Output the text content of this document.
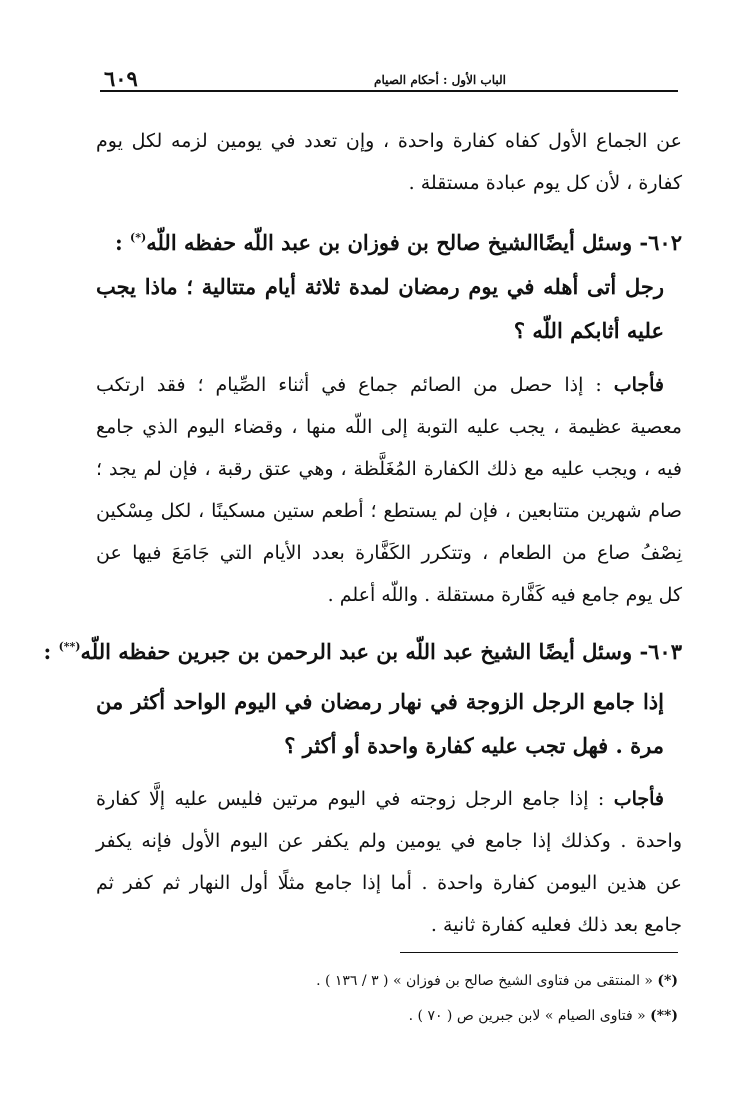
٦٠٩	الباب الأول : أحكام الصيام
عن الجماع الأول كفاه كفارة واحدة ، وإن تعدد في يومين لزمه لكل يوم
كفارة ، لأن كل يوم عبادة مستقلة .
٦٠٢- وسئل أيضًاالشيخ صالح بن فوزان بن عبد اللّه حفظه اللّه(*) :
رجل أتى أهله في يوم رمضان لمدة ثلاثة أيام متتالية ؛ ماذا يجب
عليه أثابكم اللّه ؟
فأجاب : إذا حصل من الصائم جماع في أثناء الصِّيام ؛ فقد ارتكب
معصية عظيمة ، يجب عليه التوبة إلى اللّه منها ، وقضاء اليوم الذي جامع
فيه ، ويجب عليه مع ذلك الكفارة المُغَلَّظة ، وهي عتق رقبة ، فإن لم يجد ؛
صام شهرين متتابعين ، فإن لم يستطع ؛ أطعم ستين مسكينًا ، لكل مِسْكين
نِصْفُ صاع من الطعام ، وتتكرر الكَفَّارة بعدد الأيام التي جَامَعَ فيها عن
كل يوم جامع فيه كَفَّارة مستقلة . واللّه أعلم .
٦٠٣- وسئل أيضًا الشيخ عبد اللّه بن عبد الرحمن بن جبرين حفظه اللّه(**) :
إذا جامع الرجل الزوجة في نهار رمضان في اليوم الواحد أكثر من
مرة . فهل تجب عليه كفارة واحدة أو أكثر ؟
فأجاب : إذا جامع الرجل زوجته في اليوم مرتين فليس عليه إلَّا كفارة
واحدة . وكذلك إذا جامع في يومين ولم يكفر عن اليوم الأول فإنه يكفر
عن هذين اليومن كفارة واحدة . أما إذا جامع مثلًا أول النهار ثم كفر ثم
جامع بعد ذلك فعليه كفارة ثانية .
(*) « المنتقى من فتاوى الشيخ صالح بن فوزان » ( ٣ / ١٣٦ ) .
(**) « فتاوى الصيام » لابن جبرين ص ( ٧٠ ) .
